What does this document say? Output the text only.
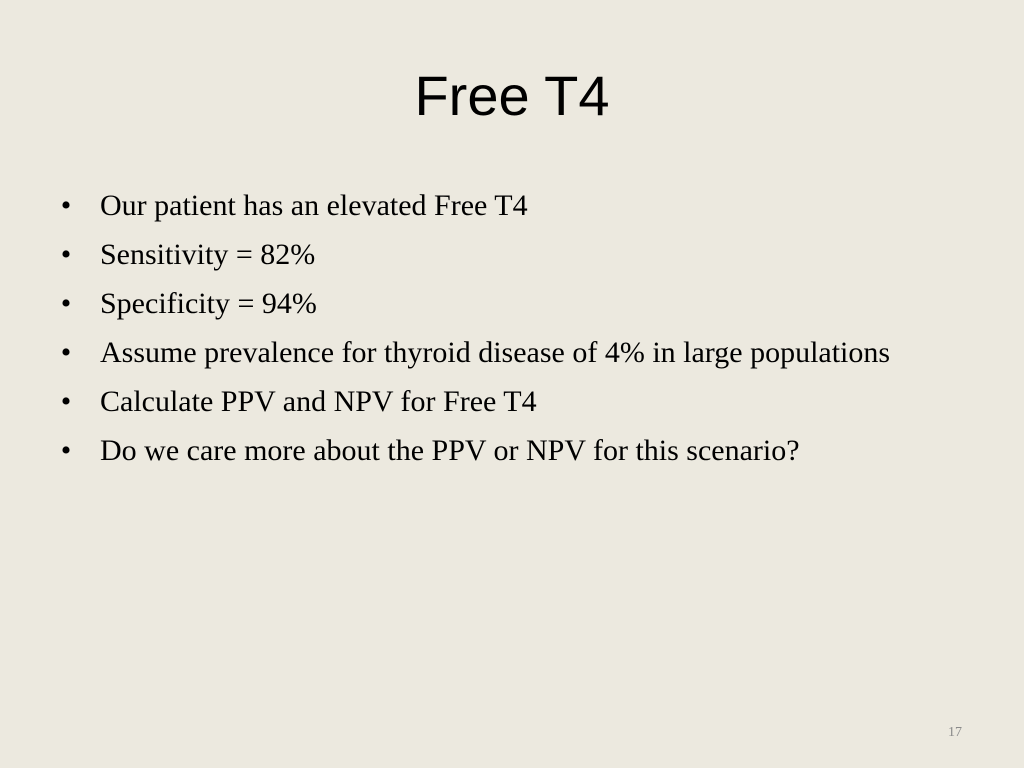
Free T4
• Our patient has an elevated Free T4
• Sensitivity = 82%
• Specificity = 94%
• Assume prevalence for thyroid disease of 4% in large populations
• Calculate PPV and NPV for Free T4
• Do we care more about the PPV or NPV for this scenario?
17
